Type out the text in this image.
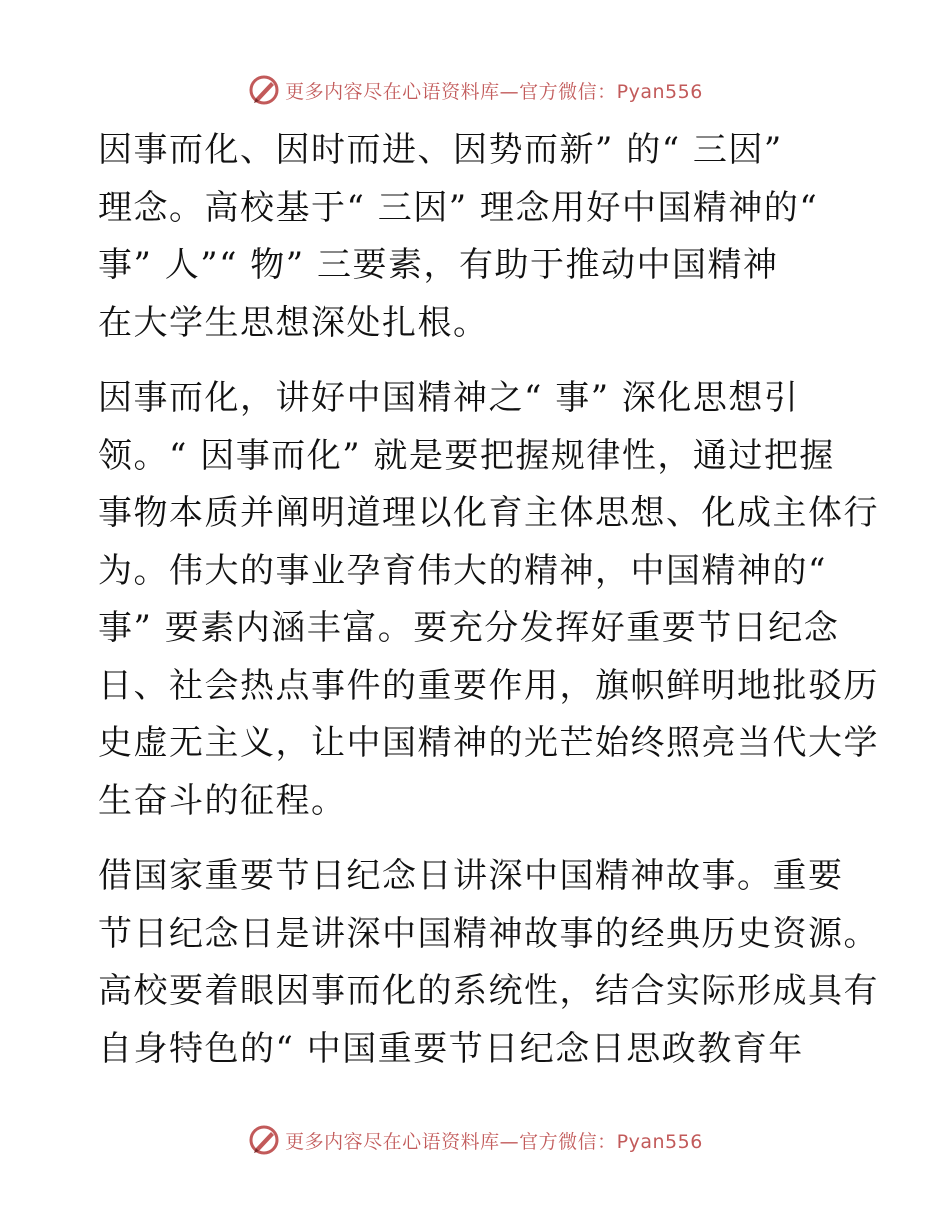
更多内容尽在心语资料库—官方微信：Pyan556
因事而化、因时而进、因势而新” 的“ 三因”
理念。高校基于“ 三因” 理念用好中国精神的“
事” 人”“ 物” 三要素，有助于推动中国精神
在大学生思想深处扎根。
因事而化，讲好中国精神之“ 事” 深化思想引
领。“ 因事而化” 就是要把握规律性，通过把握
事物本质并阐明道理以化育主体思想、化成主体行
为。伟大的事业孕育伟大的精神，中国精神的“
事” 要素内涵丰富。要充分发挥好重要节日纪念
日、社会热点事件的重要作用，旗帜鲜明地批驳历
史虚无主义，让中国精神的光芒始终照亮当代大学
生奋斗的征程。
借国家重要节日纪念日讲深中国精神故事。重要
节日纪念日是讲深中国精神故事的经典历史资源。
高校要着眼因事而化的系统性，结合实际形成具有
自身特色的“ 中国重要节日纪念日思政教育年
更多内容尽在心语资料库—官方微信：Pyan556
